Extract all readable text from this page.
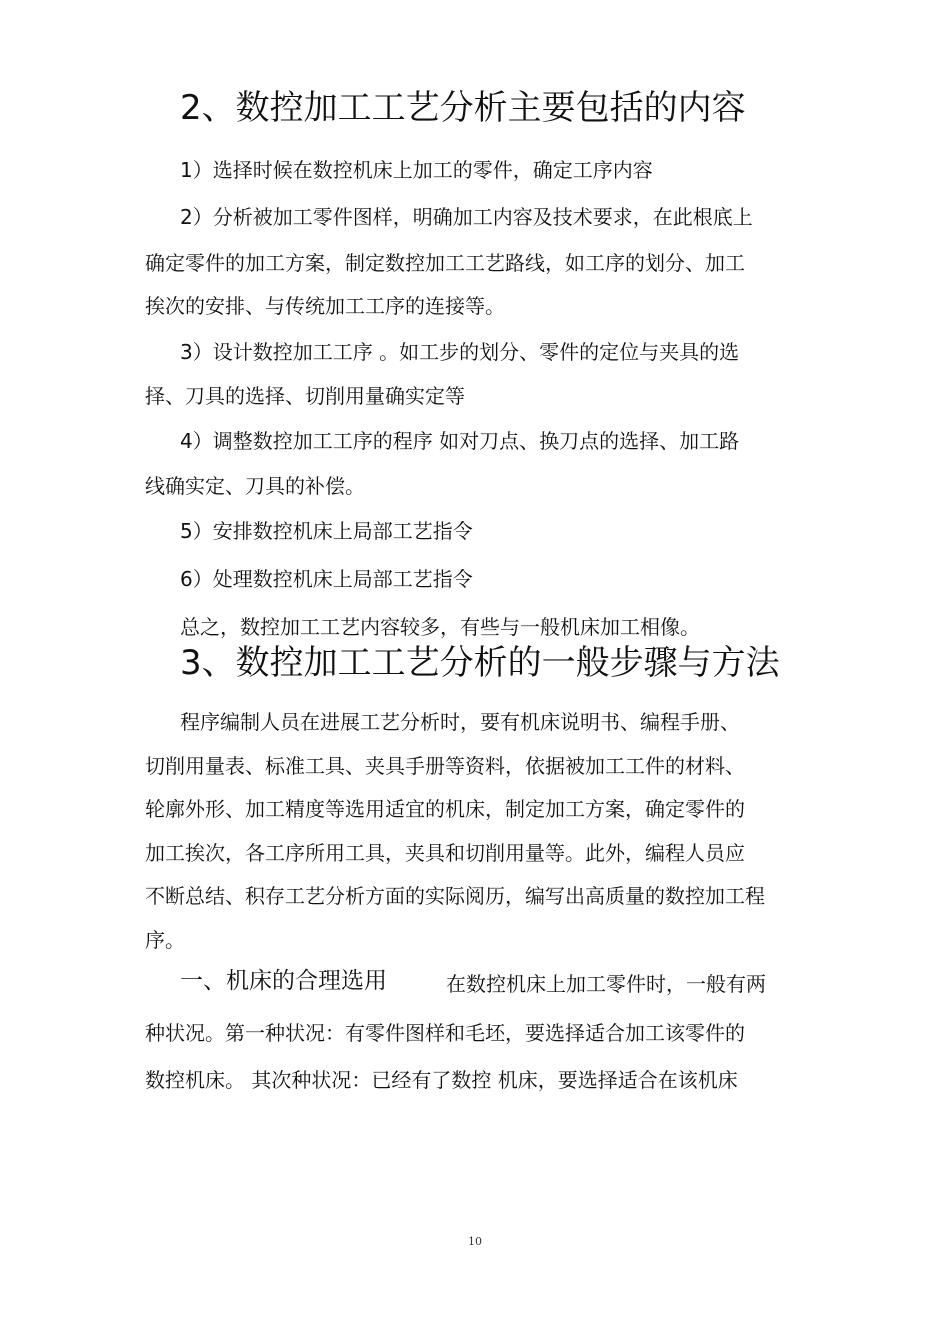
2、数控加工工艺分析主要包括的内容
1）选择时候在数控机床上加工的零件，确定工序内容
2）分析被加工零件图样，明确加工内容及技术要求，在此根底上
确定零件的加工方案，制定数控加工工艺路线，如工序的划分、加工
挨次的安排、与传统加工工序的连接等。
3）设计数控加工工序 。如工步的划分、零件的定位与夹具的选
择、刀具的选择、切削用量确实定等
4）调整数控加工工序的程序 如对刀点、换刀点的选择、加工路
线确实定、刀具的补偿。
5）安排数控机床上局部工艺指令
6）处理数控机床上局部工艺指令
总之，数控加工工艺内容较多，有些与一般机床加工相像。
3、数控加工工艺分析的一般步骤与方法
程序编制人员在进展工艺分析时，要有机床说明书、编程手册、
切削用量表、标准工具、夹具手册等资料，依据被加工工件的材料、
轮廓外形、加工精度等选用适宜的机床，制定加工方案，确定零件的
加工挨次，各工序所用工具，夹具和切削用量等。此外，编程人员应
不断总结、积存工艺分析方面的实际阅历，编写出高质量的数控加工程
序。
一、机床的合理选用	在数控机床上加工零件时，一般有两
种状况。第一种状况：有零件图样和毛坯，要选择适合加工该零件的
数控机床。 其次种状况：已经有了数控 机床，要选择适合在该机床
10
